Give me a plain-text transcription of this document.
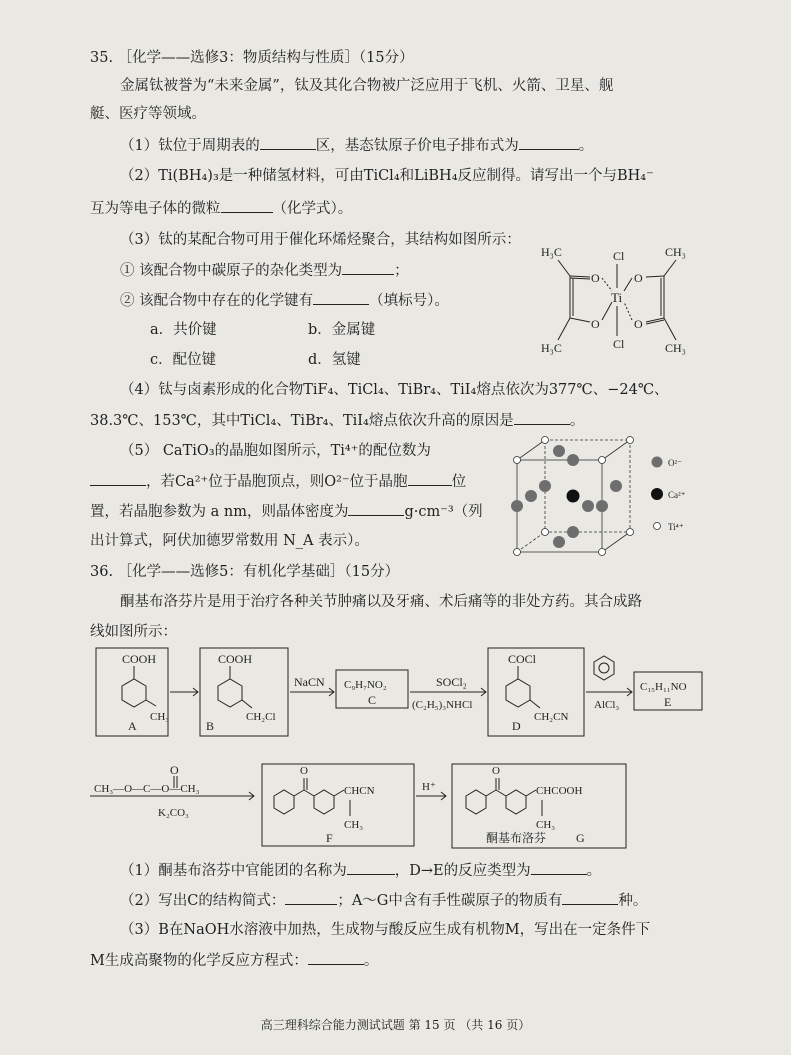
35. ［化学——选修3：物质结构与性质］（15分）
金属钛被誉为“未来金属”，钛及其化合物被广泛应用于飞机、火箭、卫星、舰
艇、医疗等领域。
（1）钛位于周期表的	区，基态钛原子价电子排布式为	。
（2）Ti(BH₄)₃是一种储氢材料，可由TiCl₄和LiBH₄反应制得。请写出一个与BH₄⁻
互为等电子体的微粒	（化学式）。
（3）钛的某配合物可用于催化环烯烃聚合，其结构如图所示：
① 该配合物中碳原子的杂化类型为	；
② 该配合物中存在的化学键有	（填标号）。
a．共价键	b．金属键
c．配位键	d．氢键
H₃C	CH₃
Cl
Ti
Cl
H₃C	CH₃
O
O
O
O
（4）钛与卤素形成的化合物TiF₄、TiCl₄、TiBr₄、TiI₄熔点依次为377℃、−24℃、
38.3℃、153℃，其中TiCl₄、TiBr₄、TiI₄熔点依次升高的原因是	。
（5） CaTiO₃的晶胞如图所示，Ti⁴⁺的配位数为
，若Ca²⁺位于晶胞顶点，则O²⁻位于晶胞	位
置，若晶胞参数为 a nm，则晶体密度为	g·cm⁻³（列
出计算式，阿伏加德罗常数用 N_A 表示）。
O²⁻
Ca²⁺
Ti⁴⁺
36. ［化学——选修5：有机化学基础］（15分）
酮基布洛芬片是用于治疗各种关节肿痛以及牙痛、术后痛等的非处方药。其合成路
线如图所示：
COOH
CH₃
A
COOH
CH₂Cl
B
NaCN C₉H₇NO₂
C
SOCl₂
(C₂H₅)₃NHCl
COCl
CH₂CN
D
AlCl₃
C₁₅H₁₁NO
E
O
CH₃—O—C—O—CH₃
K₂CO₃
O
CHCN
CH₃
F
H⁺
O
CHCOOH
CH₃
酮基布洛芬 G
（1）酮基布洛芬中官能团的名称为	，D→E的反应类型为	。
（2）写出C的结构简式：	；A～G中含有手性碳原子的物质有	种。
（3）B在NaOH水溶液中加热，生成物与酸反应生成有机物M，写出在一定条件下
M生成高聚物的化学反应方程式：	。
高三理科综合能力测试试题 第 15 页 （共 16 页）
